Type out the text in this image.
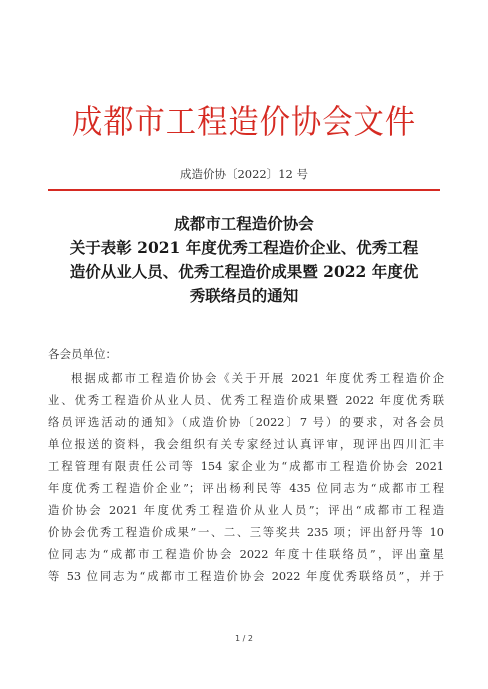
成都市工程造价协会文件
成造价协〔2022〕12 号
成都市工程造价协会
关于表彰 2021 年度优秀工程造价企业、优秀工程
造价从业人员、优秀工程造价成果暨 2022 年度优
秀联络员的通知
各会员单位：
根据成都市工程造价协会《关于开展 2021 年度优秀工程造价企
业、优秀工程造价从业人员、优秀工程造价成果暨 2022 年度优秀联
络员评选活动的通知》（成造价协〔2022〕7 号）的要求，对各会员
单位报送的资料，我会组织有关专家经过认真评审，现评出四川汇丰
工程管理有限责任公司等 154 家企业为“成都市工程造价协会 2021
年度优秀工程造价企业”；评出杨利民等 435 位同志为“成都市工程
造价协会 2021 年度优秀工程造价从业人员”；评出“成都市工程造
价协会优秀工程造价成果”一、二、三等奖共 235 项；评出舒丹等 10
位同志为“成都市工程造价协会 2022 年度十佳联络员”，评出童星
等 53 位同志为“成都市工程造价协会 2022 年度优秀联络员”，并于
1 / 2
